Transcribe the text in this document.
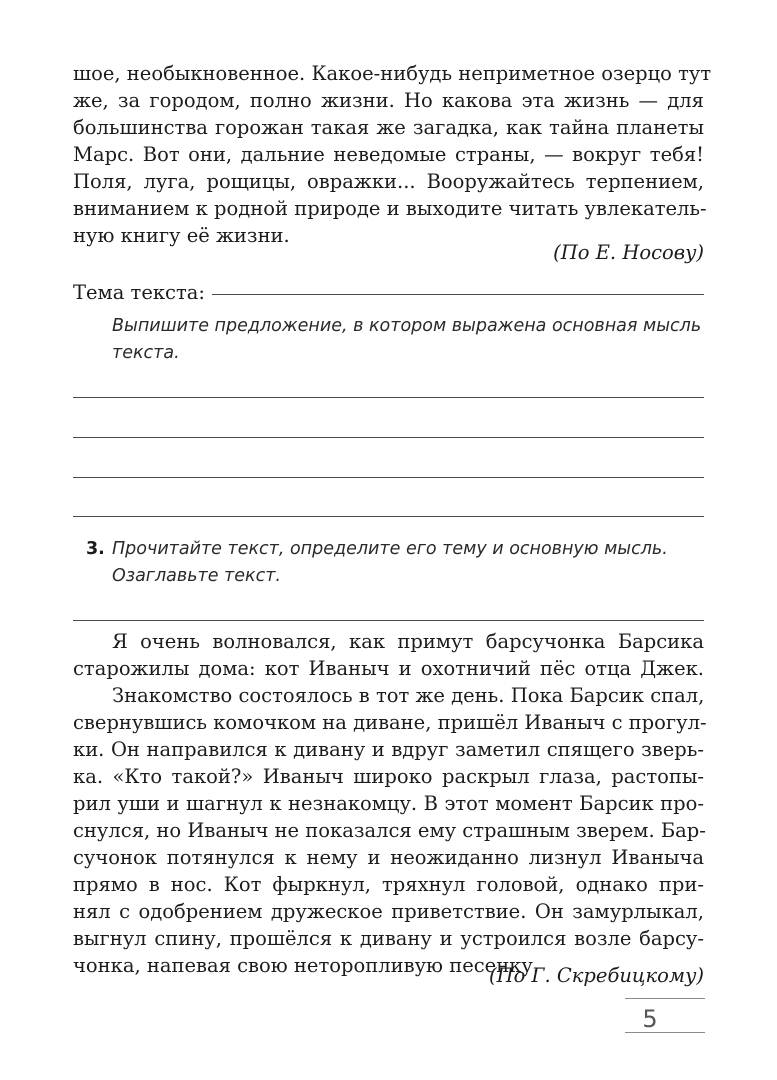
шое, необыкновенное. Какое-нибудь неприметное озерцо тут
же, за городом, полно жизни. Но какова эта жизнь — для
большинства горожан такая же загадка, как тайна планеты
Марс. Вот они, дальние неведомые страны, — вокруг тебя!
Поля, луга, рощицы, овражки... Вооружайтесь терпением,
вниманием к родной природе и выходите читать увлекатель-
ную книгу её жизни.
(По Е. Носову)
Тема текста:
Выпишите предложение, в котором выражена основная мысль
текста.
3. Прочитайте текст, определите его тему и основную мысль.
Озаглавьте текст.
Я очень волновался, как примут барсучонка Барсика
старожилы дома: кот Иваныч и охотничий пёс отца Джек.
Знакомство состоялось в тот же день. Пока Барсик спал,
свернувшись комочком на диване, пришёл Иваныч с прогул-
ки. Он направился к дивану и вдруг заметил спящего зверь-
ка. «Кто такой?» Иваныч широко раскрыл глаза, растопы-
рил уши и шагнул к незнакомцу. В этот момент Барсик про-
снулся, но Иваныч не показался ему страшным зверем. Бар-
сучонок потянулся к нему и неожиданно лизнул Иваныча
прямо в нос. Кот фыркнул, тряхнул головой, однако при-
нял с одобрением дружеское приветствие. Он замурлыкал,
выгнул спину, прошёлся к дивану и устроился возле барсу-
чонка, напевая свою неторопливую песенку.
(По Г. Скребицкому)
5
